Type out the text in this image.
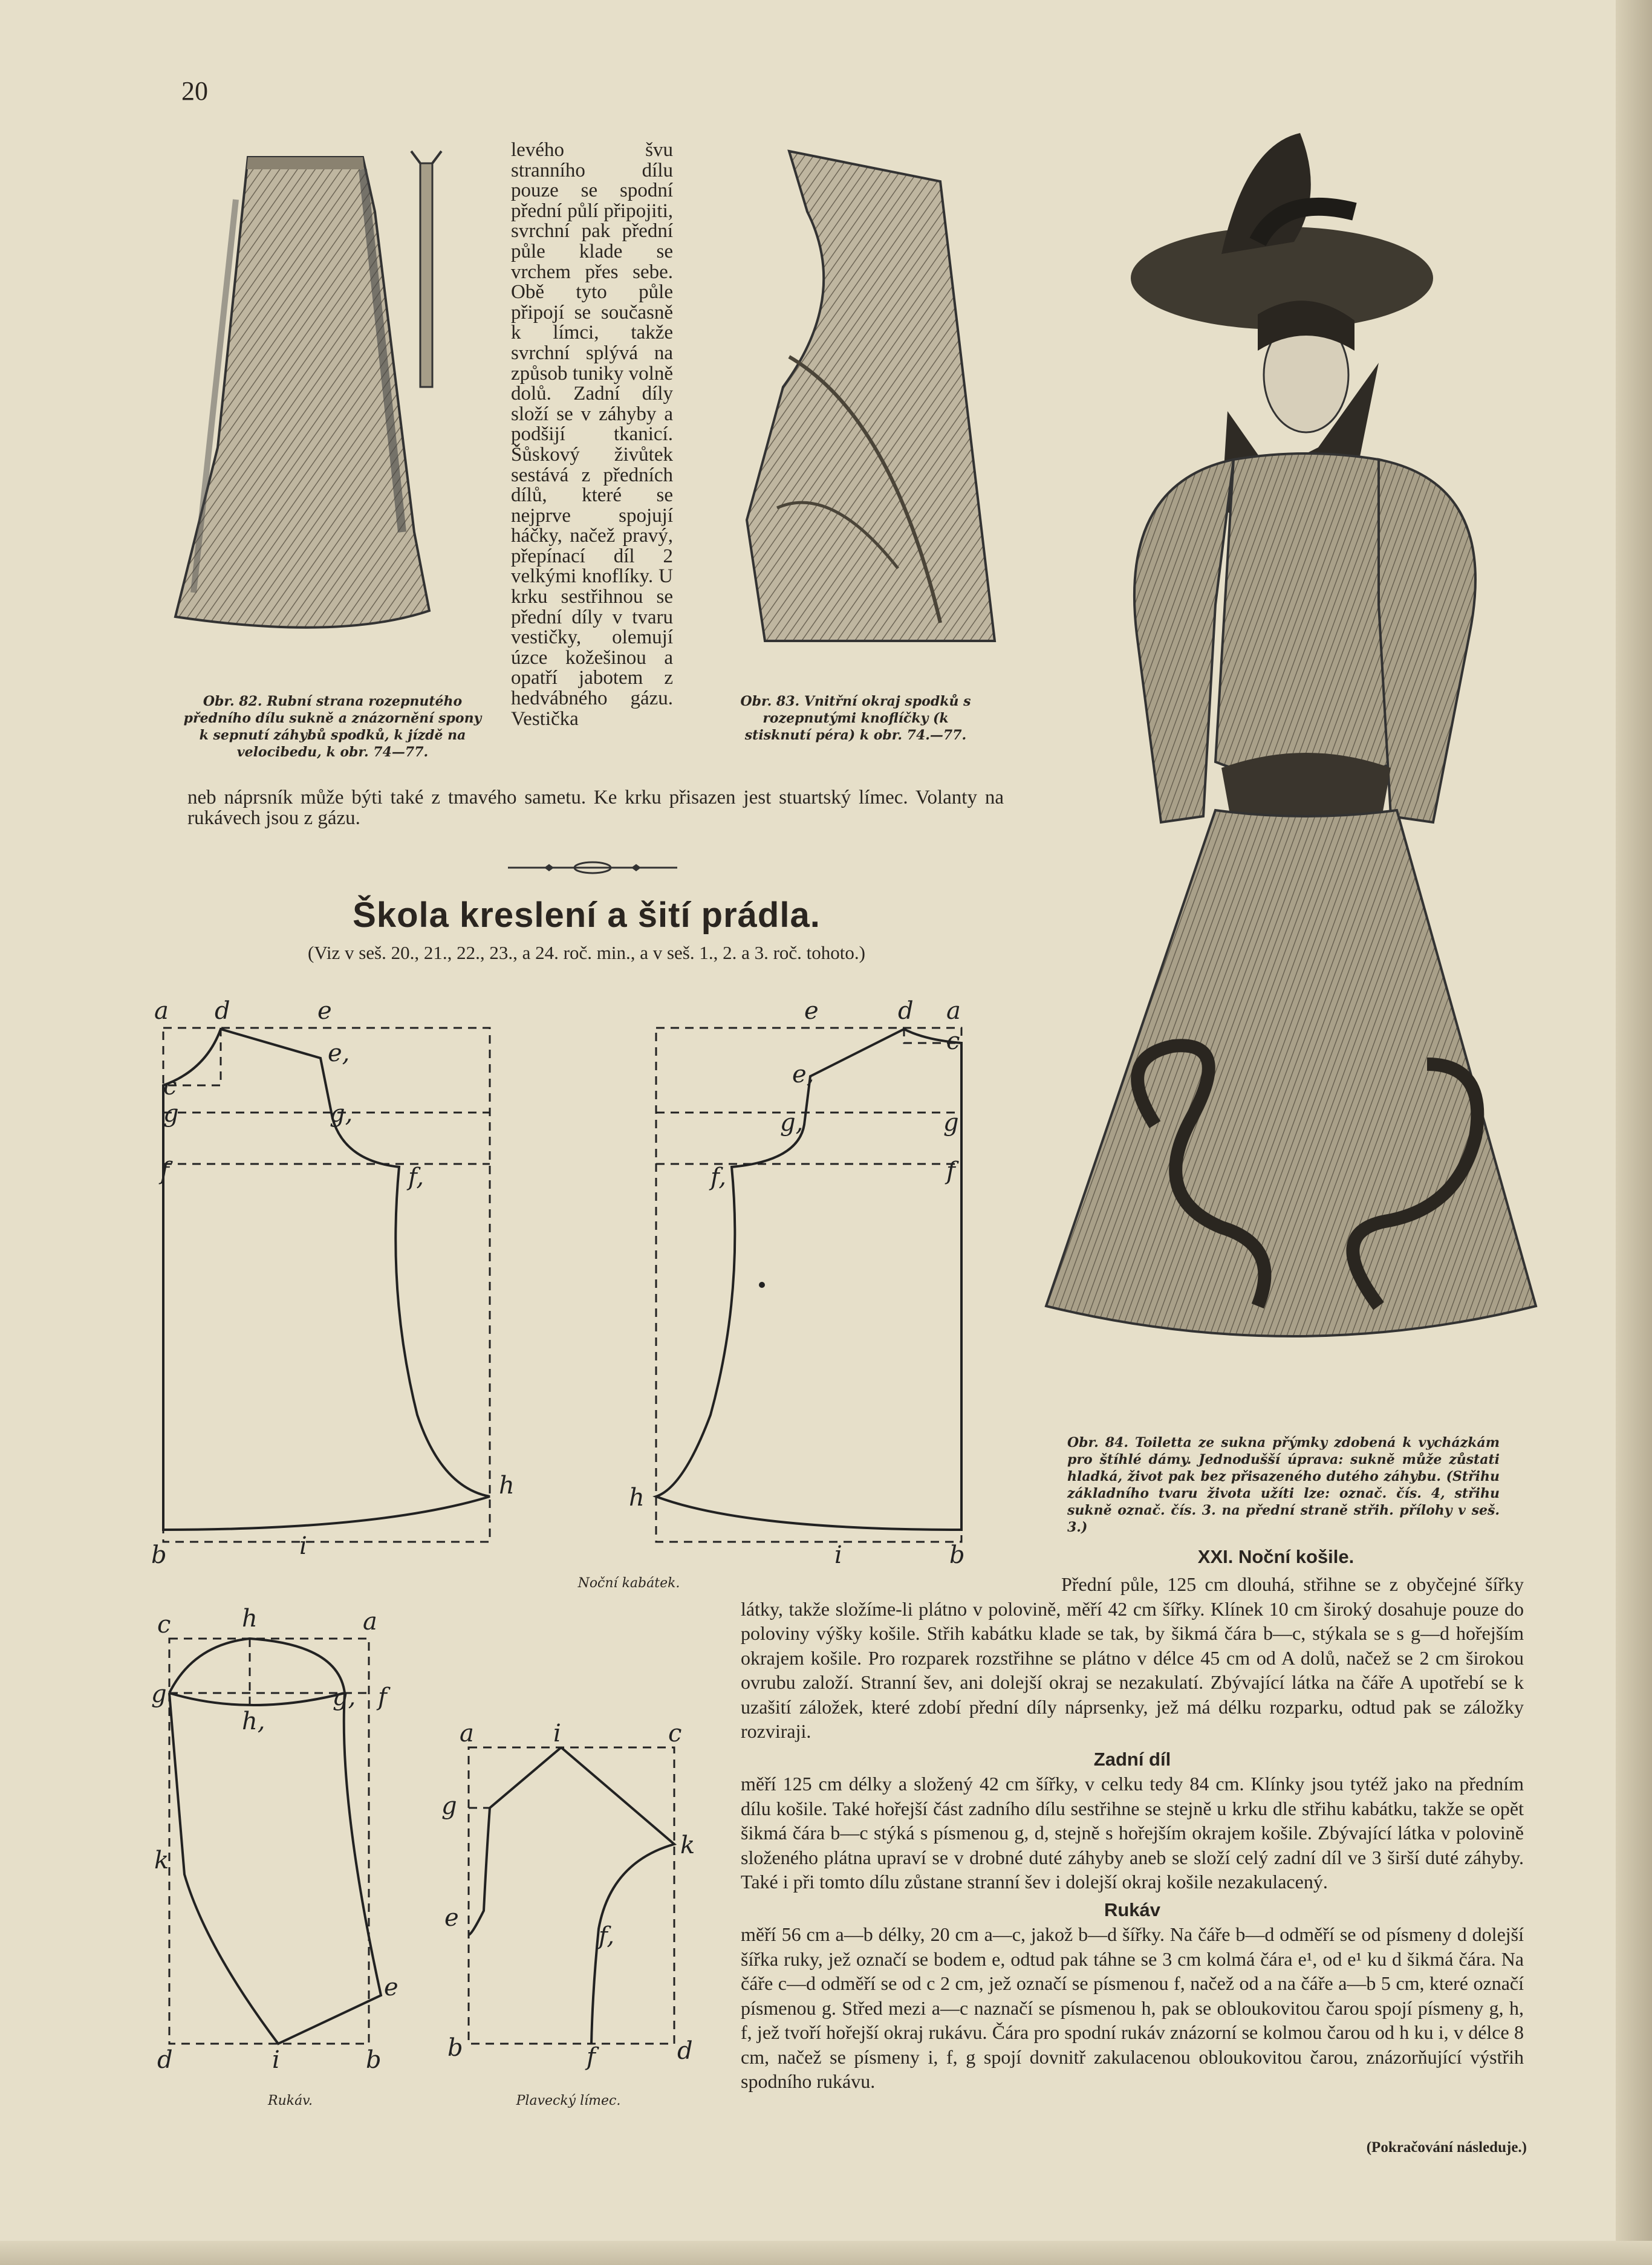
20
levého švu stranního dílu pouze se spodní přední půlí připojiti, svrchní pak přední půle klade se vrchem přes sebe. Obě tyto půle připojí se současně k límci, takže svrchní splývá na způsob tuniky volně dolů. Zadní díly složí se v záhyby a podšijí tkanicí. Šůskový živůtek sestává z předních dílů, které se nejprve spojují háčky, načež pravý, přepínací díl 2 velkými knoflíky. U krku sestřihnou se přední díly v tvaru vestičky, olemují úzce kožešinou a opatří jabotem z hedvábného gázu. Vestička
Obr. 82. Rubní strana rozepnutého předního dílu sukně a znázornění spony k sepnutí záhybů spodků, k jízdě na velocibedu, k obr. 74—77.
Obr. 83. Vnitřní okraj spodků s rozepnutými knoflíčky (k stisknutí péra) k obr. 74.—77.
neb náprsník může býti také z tmavého sametu. Ke krku přisazen jest stuartský límec. Volanty na rukávech jsou z gázu.
Škola kreslení a šití prádla.
(Viz v seš. 20., 21., 22., 23., a 24. roč. min., a v seš. 1., 2. a 3. roč. tohoto.)
a d	e
e,
c
g	g,
f	f,
h
b	i
e	d a
c
e,
g,	g
f,	f
h
i	b
Noční kabátek.
c	h	a
g
h,
g, f
k
e
d	i	b
Rukáv.
a	i	c
g
k
e
f,
b	f	d
Plavecký límec.
Obr. 84. Toiletta ze sukna přýmky zdobená k vycházkám pro štíhlé dámy. Jednodušší úprava: sukně může zůstati hladká, život pak bez přisazeného dutého záhybu. (Střihu základního tvaru života užíti lze: označ. čís. 4, střihu sukně označ. čís. 3. na přední straně střih. přílohy v seš. 3.)
XXI. Noční košile.

Přední půle, 125 cm dlouhá, střihne se z obyčejné šířky látky, takže složíme-li plátno v polovině, měří 42 cm šířky. Klínek 10 cm široký dosahuje pouze do poloviny výšky košile. Střih kabátku klade se tak, by šikmá čára b—c, stýkala se s g—d hořejším okrajem košile. Pro rozparek rozstřihne se plátno v délce 45 cm od A dolů, načež se 2 cm širokou ovrubu založí. Stranní šev, ani dolejší okraj se nezakulatí. Zbývající látka na čáře A upotřebí se k uzašití záložek, které zdobí přední díly náprsenky, jež má délku rozparku, odtud pak se záložky rozviraji.

Zadní díl

měří 125 cm délky a složený 42 cm šířky, v celku tedy 84 cm. Klínky jsou tytéž jako na předním dílu košile. Také hořejší část zadního dílu sestřihne se stejně u krku dle střihu kabátku, takže se opět šikmá čára b—c stýká s písmenou g, d, stejně s hořejším okrajem košile. Zbývající látka v polovině složeného plátna upraví se v drobné duté záhyby aneb se složí celý zadní díl ve 3 širší duté záhyby. Také i při tomto dílu zůstane stranní šev i dolejší okraj košile nezakulacený.

Rukáv

měří 56 cm a—b délky, 20 cm a—c, jakož b—d šířky. Na čáře b—d odměří se od písmeny d dolejší šířka ruky, jež označí se bodem e, odtud pak táhne se 3 cm kolmá čára e¹, od e¹ ku d šikmá čára. Na čáře c—d odměří se od c 2 cm, jež označí se písmenou f, načež od a na čáře a—b 5 cm, které označí písmenou g. Střed mezi a—c naznačí se písmenou h, pak se obloukovitou čarou spojí písmeny g, h, f, jež tvoří hořejší okraj rukávu. Čára pro spodní rukáv znázorní se kolmou čarou od h ku i, v délce 8 cm, načež se písmeny i, f, g spojí dovnitř zakulacenou obloukovitou čarou, znázorňující výstřih spodního rukávu.

(Pokračování následuje.)
